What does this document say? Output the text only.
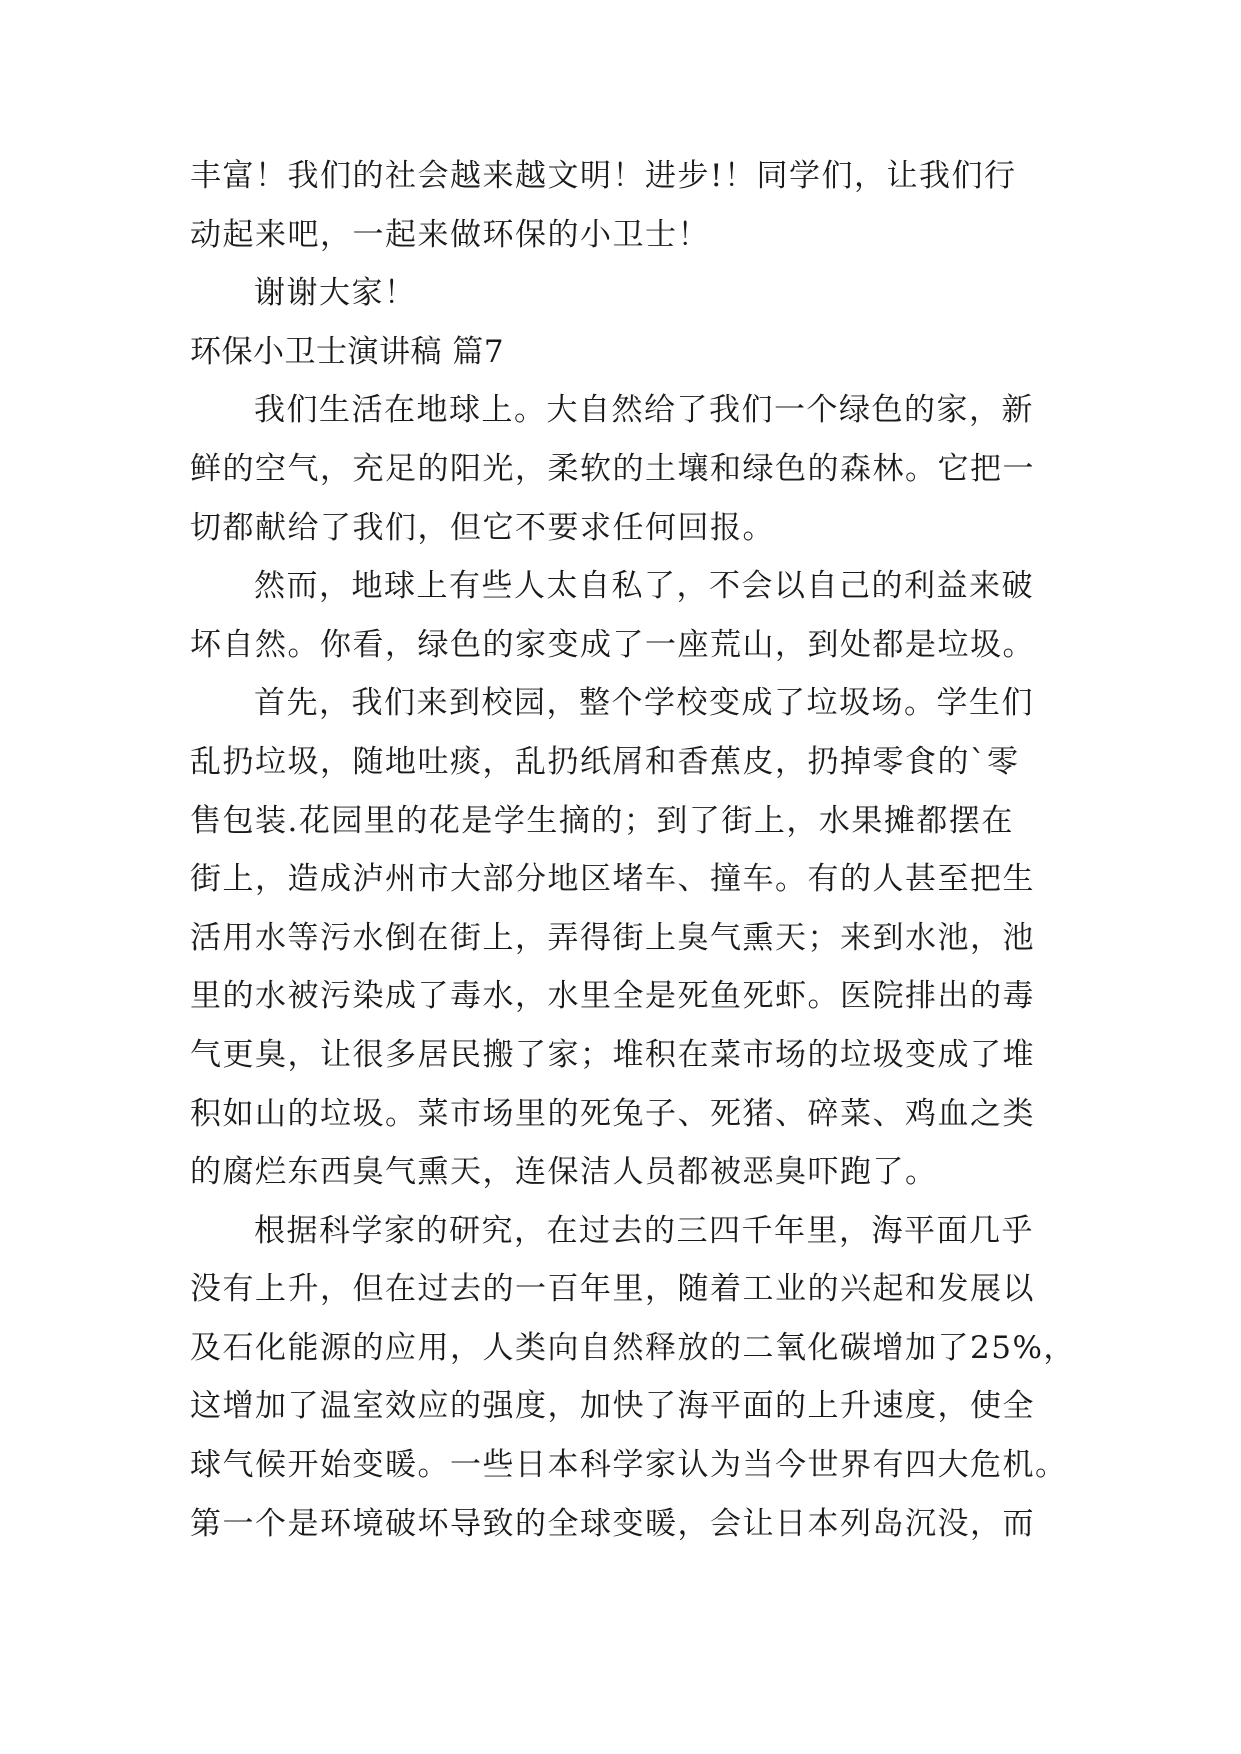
丰富！我们的社会越来越文明！进步!！同学们，让我们行
动起来吧，一起来做环保的小卫士！
谢谢大家！
环保小卫士演讲稿 篇7
我们生活在地球上。大自然给了我们一个绿色的家，新
鲜的空气，充足的阳光，柔软的土壤和绿色的森林。它把一
切都献给了我们，但它不要求任何回报。
然而，地球上有些人太自私了，不会以自己的利益来破
坏自然。你看，绿色的家变成了一座荒山，到处都是垃圾。
首先，我们来到校园，整个学校变成了垃圾场。学生们
乱扔垃圾，随地吐痰，乱扔纸屑和香蕉皮，扔掉零食的`零
售包装.花园里的花是学生摘的；到了街上，水果摊都摆在
街上，造成泸州市大部分地区堵车、撞车。有的人甚至把生
活用水等污水倒在街上，弄得街上臭气熏天；来到水池，池
里的水被污染成了毒水，水里全是死鱼死虾。医院排出的毒
气更臭，让很多居民搬了家；堆积在菜市场的垃圾变成了堆
积如山的垃圾。菜市场里的死兔子、死猪、碎菜、鸡血之类
的腐烂东西臭气熏天，连保洁人员都被恶臭吓跑了。
根据科学家的研究，在过去的三四千年里，海平面几乎
没有上升，但在过去的一百年里，随着工业的兴起和发展以
及石化能源的应用，人类向自然释放的二氧化碳增加了25%，
这增加了温室效应的强度，加快了海平面的上升速度，使全
球气候开始变暖。一些日本科学家认为当今世界有四大危机。
第一个是环境破坏导致的全球变暖，会让日本列岛沉没，而
